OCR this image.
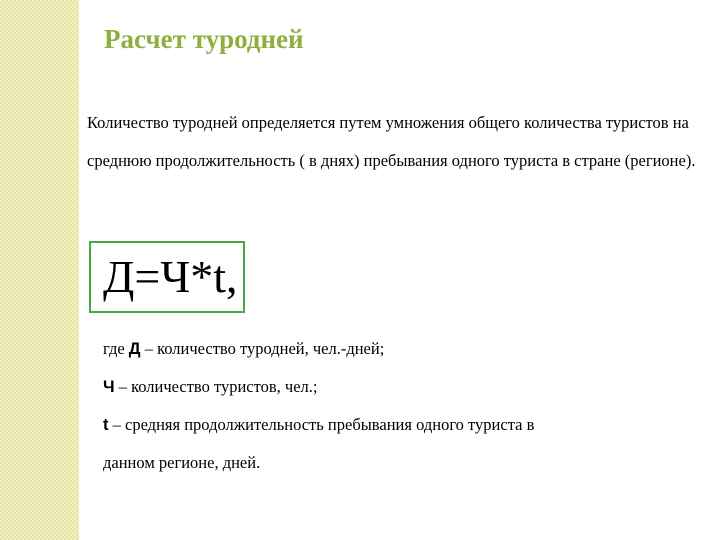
Расчет туродней

Количество туродней определяется путем умножения общего количества туристов на среднюю продолжительность ( в днях) пребывания одного туриста в стране (регионе).

Д=Ч*t,

где Д – количество туродней, чел.-дней;

Ч – количество туристов, чел.;

t – средняя продолжительность пребывания одного туриста в

данном регионе, дней.
